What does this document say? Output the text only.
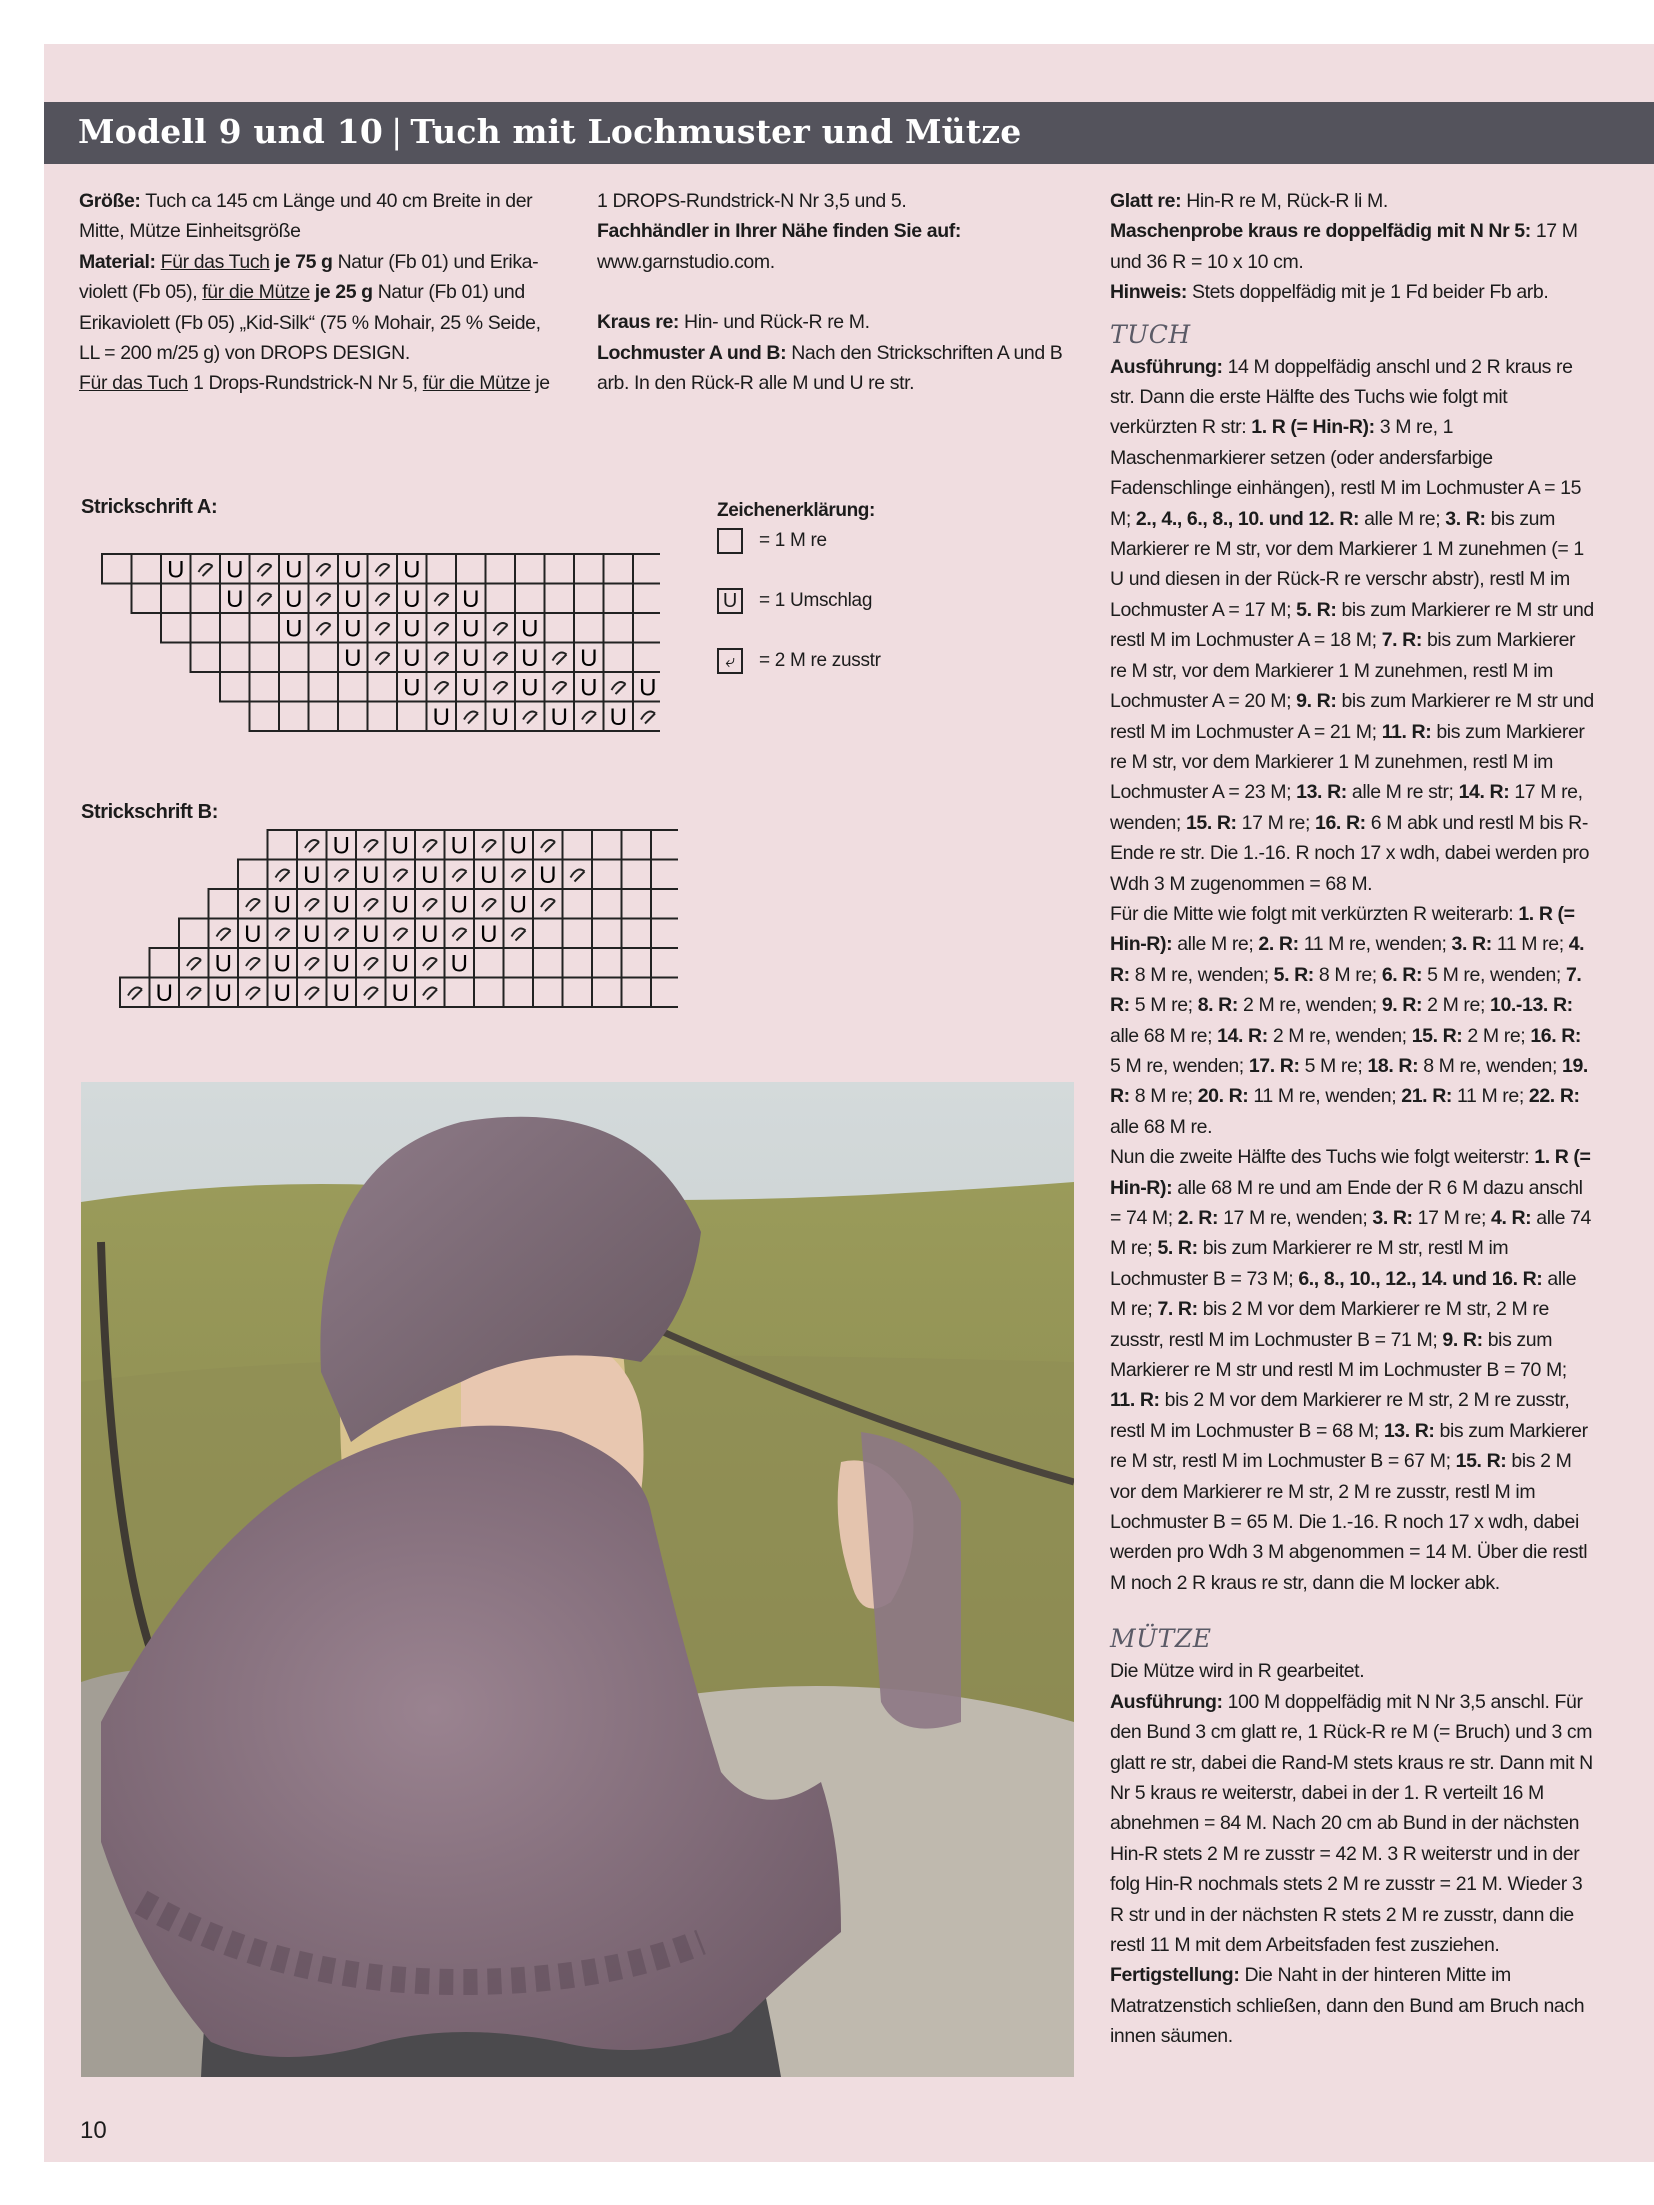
Modell 9 und 10 | Tuch mit Lochmuster und Mütze

Größe: Tuch ca 145 cm Länge und 40 cm Breite in der Mitte, Mütze Einheitsgröße

Material: Für das Tuch je 75 g Natur (Fb 01) und Erika-violett (Fb 05), für die Mütze je 25 g Natur (Fb 01) und Erikaviolett (Fb 05) „Kid-Silk“ (75 % Mohair, 25 % Seide, LL = 200 m/25 g) von DROPS DESIGN.

Für das Tuch 1 Drops-Rundstrick-N Nr 5, für die Mütze je

1 DROPS-Rundstrick-N Nr 3,5 und 5.

Fachhändler in Ihrer Nähe finden Sie auf: www.garnstudio.com.

Kraus re: Hin- und Rück-R re M.

Lochmuster A und B: Nach den Strickschriften A und B arb. In den Rück-R alle M und U re str.

Glatt re: Hin-R re M, Rück-R li M.

Maschenprobe kraus re doppelfädig mit N Nr 5: 17 M und 36 R = 10 x 10 cm.

Hinweis: Stets doppelfädig mit je 1 Fd beider Fb arb.

TUCH

Ausführung: 14 M doppelfädig anschl und 2 R kraus re str. Dann die erste Hälfte des Tuchs wie folgt mit verkürzten R str: 1. R (= Hin-R): 3 M re, 1 Maschenmarkierer setzen (oder andersfarbige Fadenschlinge einhängen), restl M im Lochmuster A = 15 M; 2., 4., 6., 8., 10. und 12. R: alle M re; 3. R: bis zum Markierer re M str, vor dem Markierer 1 M zunehmen (= 1 U und diesen in der Rück-R re verschr abstr), restl M im Lochmuster A = 17 M; 5. R: bis zum Markierer re M str und restl M im Lochmuster A = 18 M; 7. R: bis zum Markierer re M str, vor dem Markierer 1 M zunehmen, restl M im Lochmuster A = 20 M; 9. R: bis zum Markierer re M str und restl M im Lochmuster A = 21 M; 11. R: bis zum Markierer re M str, vor dem Markierer 1 M zunehmen, restl M im Lochmuster A = 23 M; 13. R: alle M re str; 14. R: 17 M re, wenden; 15. R: 17 M re; 16. R: 6 M abk und restl M bis R-Ende re str. Die 1.-16. R noch 17 x wdh, dabei werden pro Wdh 3 M zugenommen = 68 M.

Für die Mitte wie folgt mit verkürzten R weiterarb: 1. R (= Hin-R): alle M re; 2. R: 11 M re, wenden; 3. R: 11 M re; 4. R: 8 M re, wenden; 5. R: 8 M re; 6. R: 5 M re, wenden; 7. R: 5 M re; 8. R: 2 M re, wenden; 9. R: 2 M re; 10.-13. R: alle 68 M re; 14. R: 2 M re, wenden; 15. R: 2 M re; 16. R: 5 M re, wenden; 17. R: 5 M re; 18. R: 8 M re, wenden; 19. R: 8 M re; 20. R: 11 M re, wenden; 21. R: 11 M re; 22. R: alle 68 M re.

Nun die zweite Hälfte des Tuchs wie folgt weiterstr: 1. R (= Hin-R): alle 68 M re und am Ende der R 6 M dazu anschl = 74 M; 2. R: 17 M re, wenden; 3. R: 17 M re; 4. R: alle 74 M re; 5. R: bis zum Markierer re M str, restl M im Lochmuster B = 73 M; 6., 8., 10., 12., 14. und 16. R: alle M re; 7. R: bis 2 M vor dem Markierer re M str, 2 M re zusstr, restl M im Lochmuster B = 71 M; 9. R: bis zum Markierer re M str und restl M im Lochmuster B = 70 M; 11. R: bis 2 M vor dem Markierer re M str, 2 M re zusstr, restl M im Lochmuster B = 68 M; 13. R: bis zum Markierer re M str, restl M im Lochmuster B = 67 M; 15. R: bis 2 M vor dem Markierer re M str, 2 M re zusstr, restl M im Lochmuster B = 65 M. Die 1.-16. R noch 17 x wdh, dabei werden pro Wdh 3 M abgenommen = 14 M. Über die restl M noch 2 R kraus re str, dann die M locker abk.

MÜTZE

Die Mütze wird in R gearbeitet.

Ausführung: 100 M doppelfädig mit N Nr 3,5 anschl. Für den Bund 3 cm glatt re, 1 Rück-R re M (= Bruch) und 3 cm glatt re str, dabei die Rand-M stets kraus re str. Dann mit N Nr 5 kraus re weiterstr, dabei in der 1. R verteilt 16 M abnehmen = 84 M. Nach 20 cm ab Bund in der nächsten Hin-R stets 2 M re zusstr = 42 M. 3 R weiterstr und in der folg Hin-R nochmals stets 2 M re zusstr = 21 M. Wieder 3 R str und in der nächsten R stets 2 M re zusstr, dann die restl 11 M mit dem Arbeitsfaden fest zusziehen.

Fertigstellung: Die Naht in der hinteren Mitte im Matratzenstich schließen, dann den Bund am Bruch nach innen säumen.

Strickschrift A:
U U U U U
U U U U U
U U U U U
U U U U U
U U U U U
U U U U
Strickschrift B:
U U U U
U U U U U
U U U U U
U U U U U
U U U U U
U U U U U
Zeichenerklärung:
= 1 M re
U = 1 Umschlag
⤶ = 2 M re zusstr
10
